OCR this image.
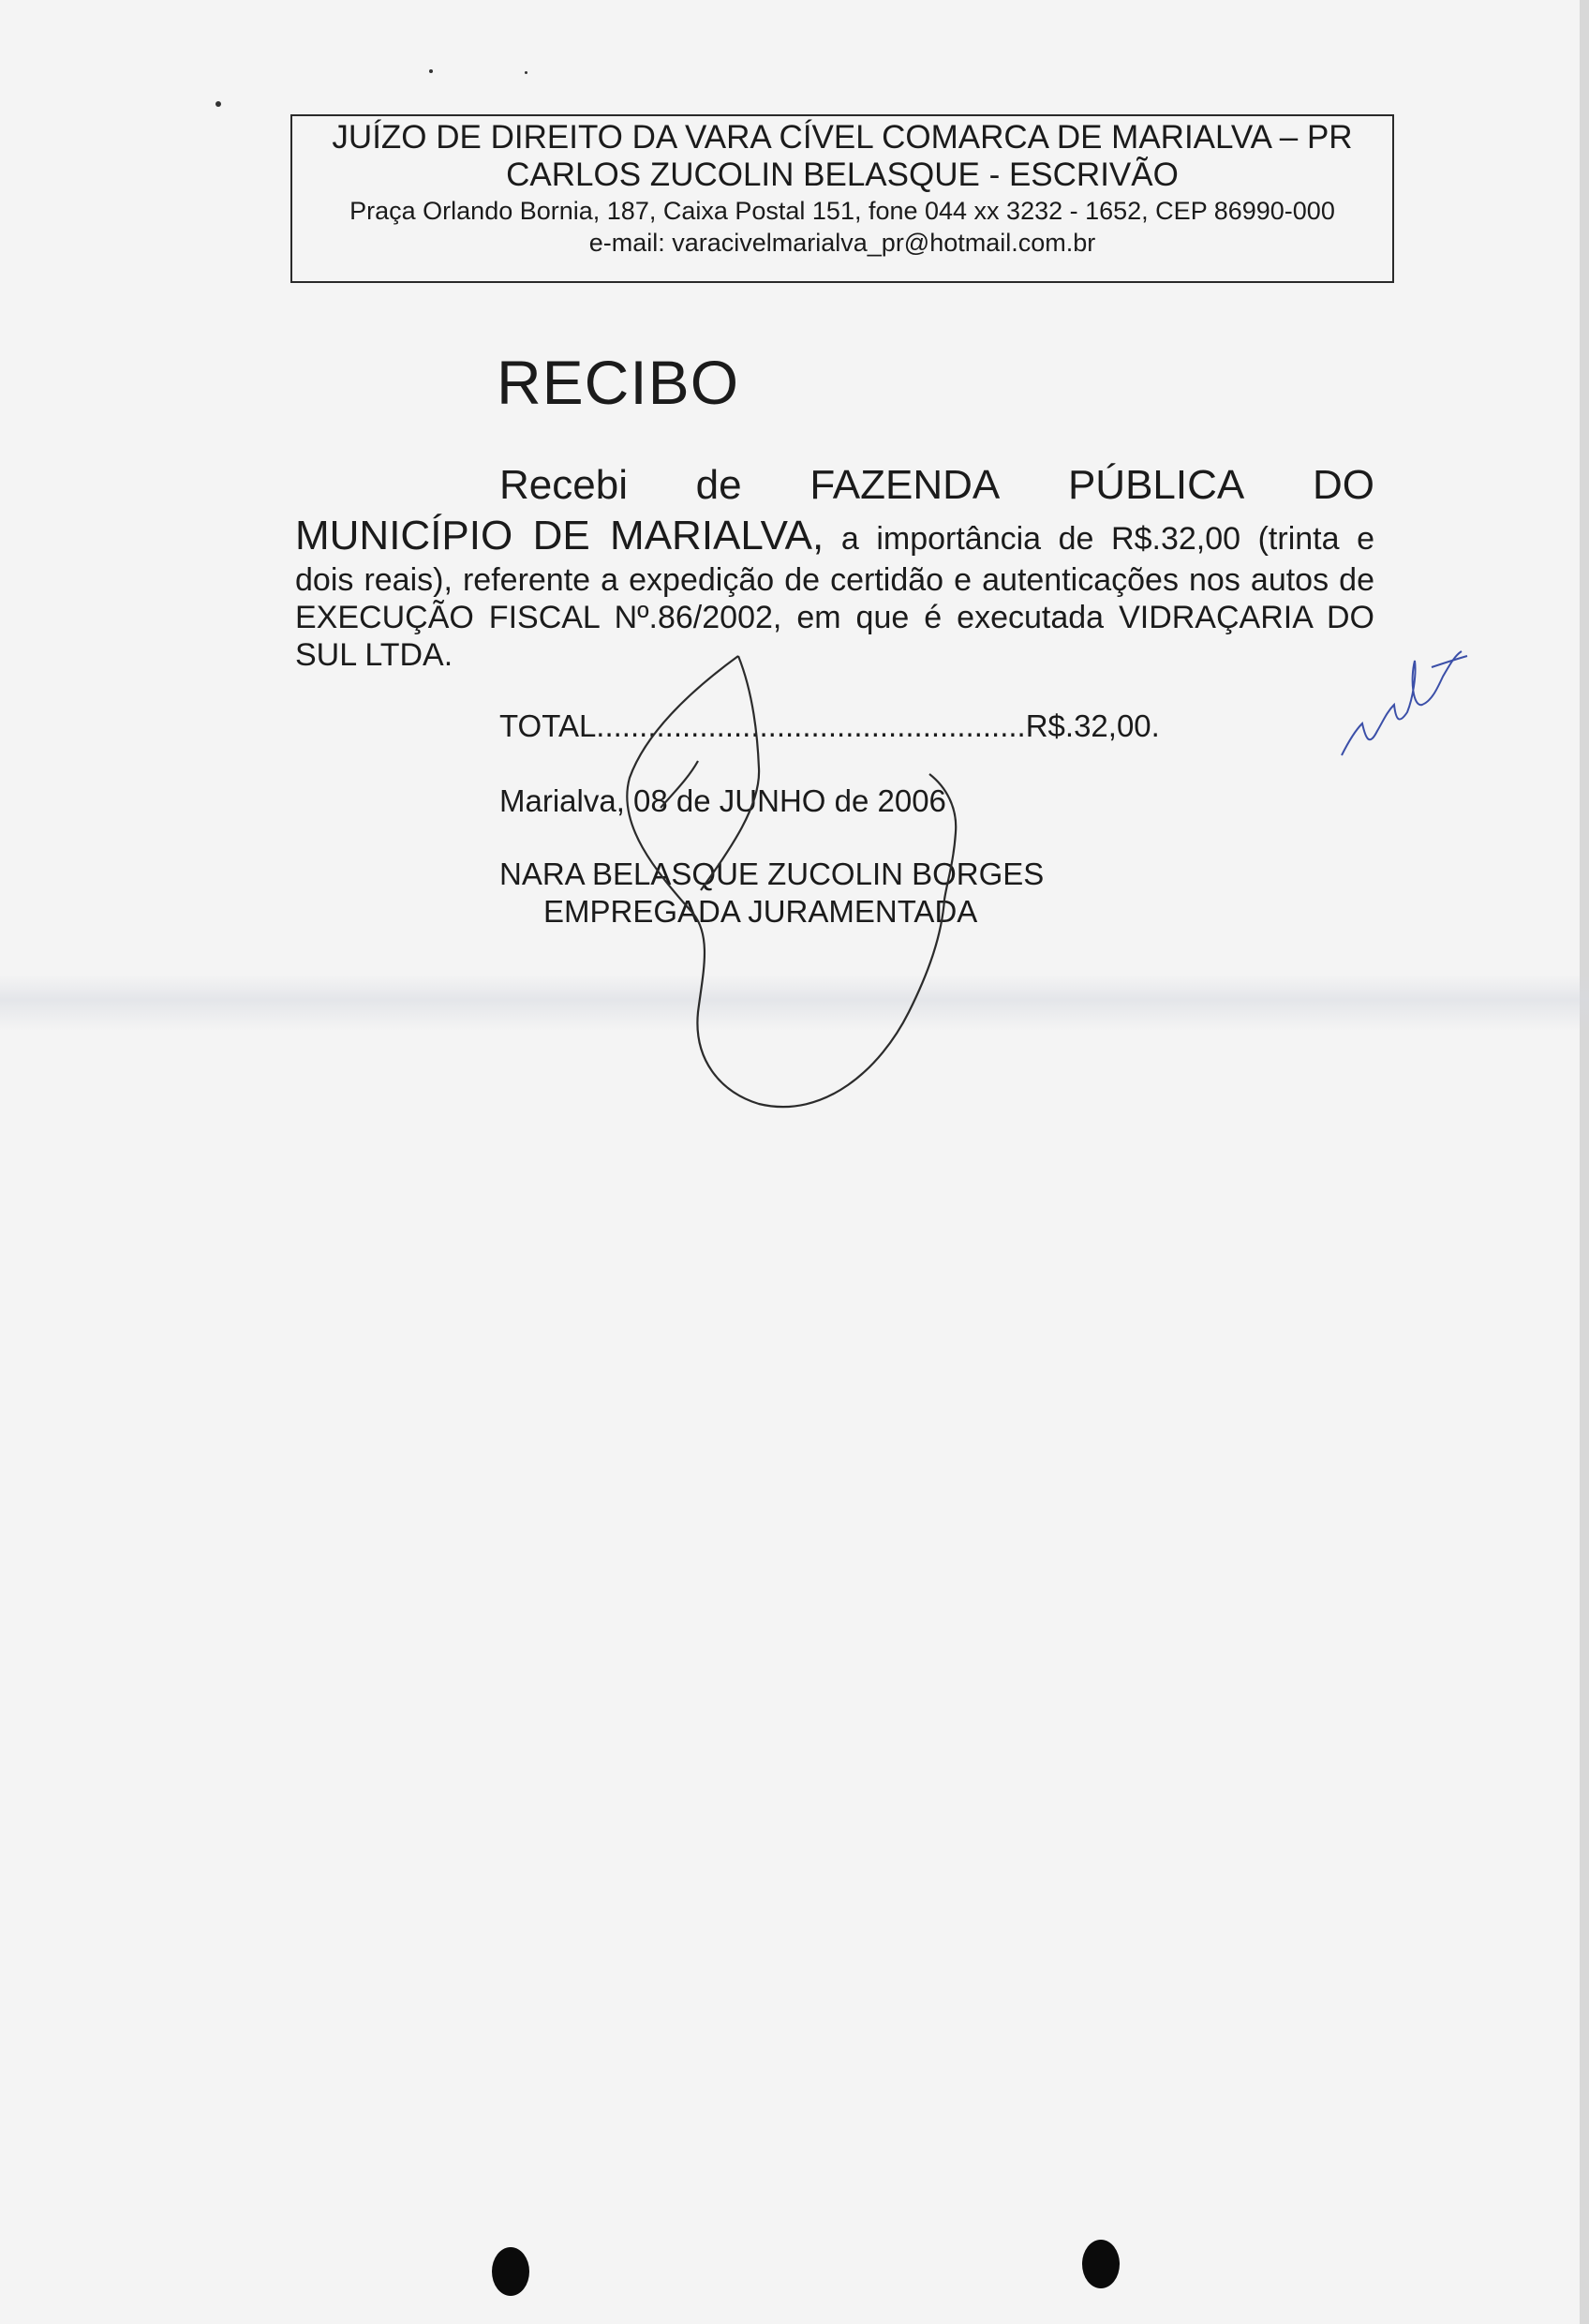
JUÍZO DE DIREITO DA VARA CÍVEL COMARCA DE MARIALVA – PR
CARLOS ZUCOLIN BELASQUE - ESCRIVÃO
Praça Orlando Bornia, 187, Caixa Postal 151, fone 044 xx 3232 - 1652, CEP 86990-000
e-mail: varacivelmarialva_pr@hotmail.com.br
RECIBO
Recebi de FAZENDA PÚBLICA DO
MUNICÍPIO DE MARIALVA, a importância de R$.32,00 (trinta e
dois reais), referente a expedição de certidão e autenticações nos autos de
EXECUÇÃO FISCAL Nº.86/2002, em que é executada VIDRAÇARIA DO
SUL LTDA.
TOTAL..................................................R$.32,00.
Marialva, 08 de JUNHO de 2006
NARA BELASQUE ZUCOLIN BORGES
EMPREGADA JURAMENTADA
